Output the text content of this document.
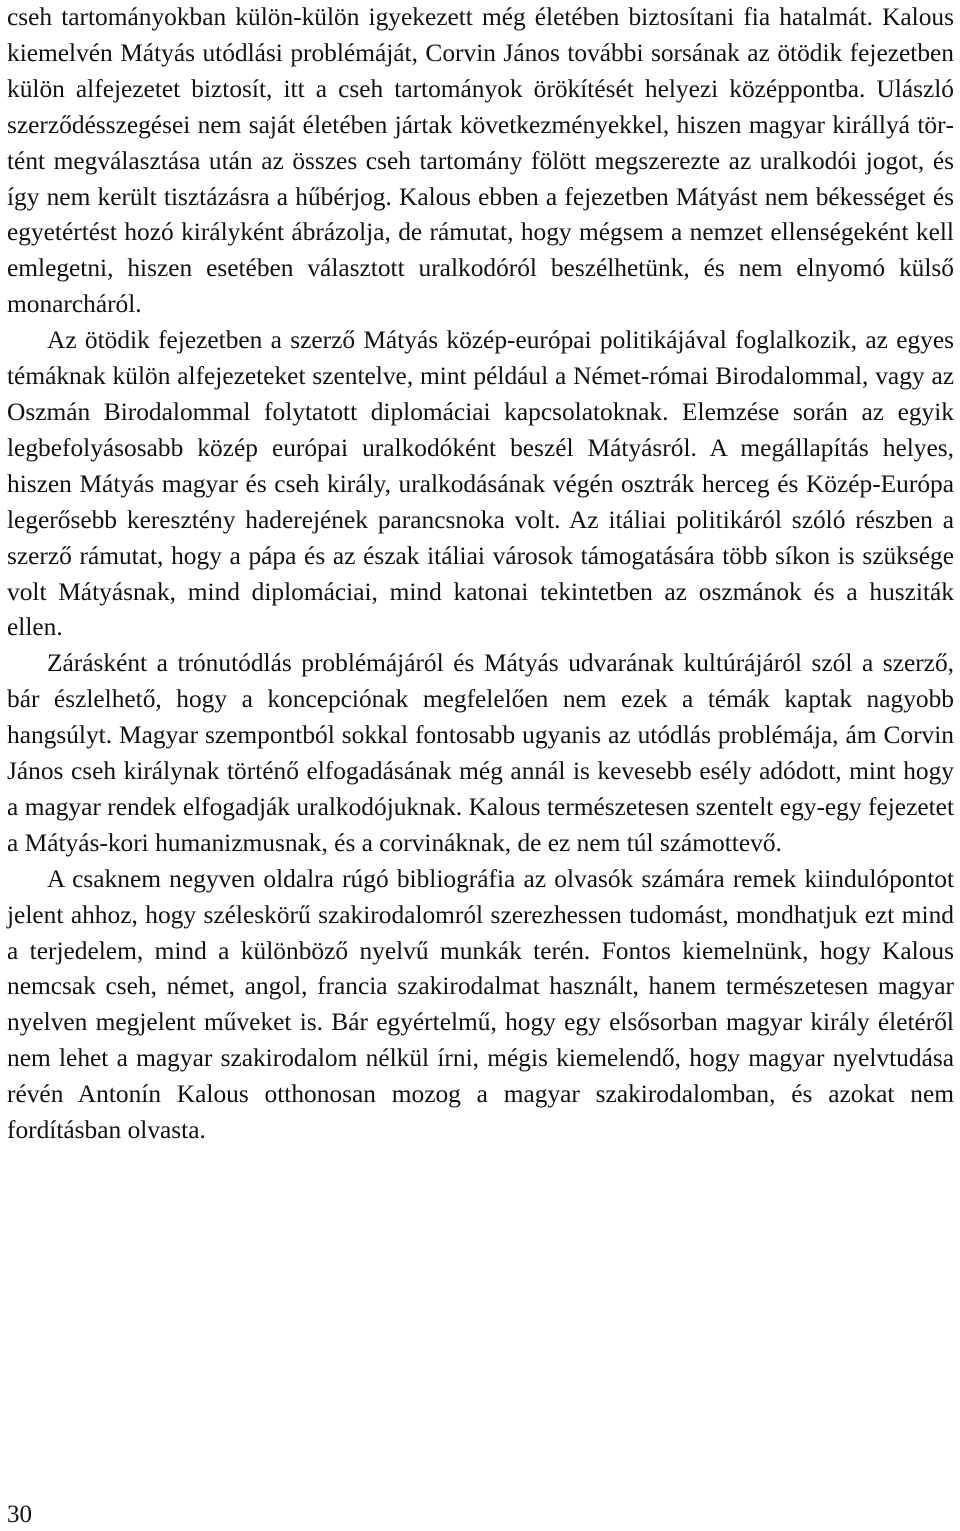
cseh tartományokban külön-külön igyekezett még életében biztosítani fia hatalmát. Kalous kiemelvén Mátyás utódlási problémáját, Corvin János további sorsának az ötödik fejezetben külön alfejezetet biztosít, itt a cseh tartományok örökítését helyezi középpontba. Ulászló szerződésszegései nem saját életében jártak következményekkel, hiszen magyar királlyá történt megválasztása után az összes cseh tartomány fölött megszerezte az uralkodói jogot, és így nem került tisztázásra a hűbérjog. Kalous ebben a fejezetben Mátyást nem békességet és egyetértést hozó királyként ábrázolja, de rámutat, hogy mégsem a nemzet ellenségeként kell emlegetni, hiszen esetében választott uralkodóról beszélhetünk, és nem elnyomó külső monarcháról.

Az ötödik fejezetben a szerző Mátyás közép-európai politikájával foglalkozik, az egyes témáknak külön alfejezeteket szentelve, mint például a Német-római Birodalommal, vagy az Oszmán Birodalommal folytatott diplomáciai kapcsolatoknak. Elemzése során az egyik legbefolyásosabb közép európai uralkodóként beszél Mátyásról. A megállapítás helyes, hiszen Mátyás magyar és cseh király, uralkodásának végén osztrák herceg és Közép-Európa legerősebb keresztény haderejének parancsnoka volt. Az itáliai politikáról szóló részben a szerző rámutat, hogy a pápa és az észak itáliai városok támogatására több síkon is szüksége volt Mátyásnak, mind diplomáciai, mind katonai tekintetben az oszmánok és a husziták ellen.

Zárásként a trónutódlás problémájáról és Mátyás udvarának kultúrájáról szól a szerző, bár észlelhető, hogy a koncepciónak megfelelően nem ezek a témák kaptak nagyobb hangsúlyt. Magyar szempontból sokkal fontosabb ugyanis az utódlás problémája, ám Corvin János cseh királynak történő elfogadásának még annál is kevesebb esély adódott, mint hogy a magyar rendek elfogadják uralkodójuknak. Kalous természetesen szentelt egy-egy fejezetet a Mátyás-kori humanizmusnak, és a corvináknak, de ez nem túl számottevő.

A csaknem negyven oldalra rúgó bibliográfia az olvasók számára remek kiindulópontot jelent ahhoz, hogy széleskörű szakirodalomról szerezhessen tudomást, mondhatjuk ezt mind a terjedelem, mind a különböző nyelvű munkák terén. Fontos kiemelnünk, hogy Kalous nemcsak cseh, német, angol, francia szakirodalmat használt, hanem természetesen magyar nyelven megjelent műveket is. Bár egyértelmű, hogy egy elsősorban magyar király életéről nem lehet a magyar szakirodalom nélkül írni, mégis kiemelendő, hogy magyar nyelvtudása révén Antonín Kalous otthonosan mozog a magyar szakirodalomban, és azokat nem fordításban olvasta.

30
